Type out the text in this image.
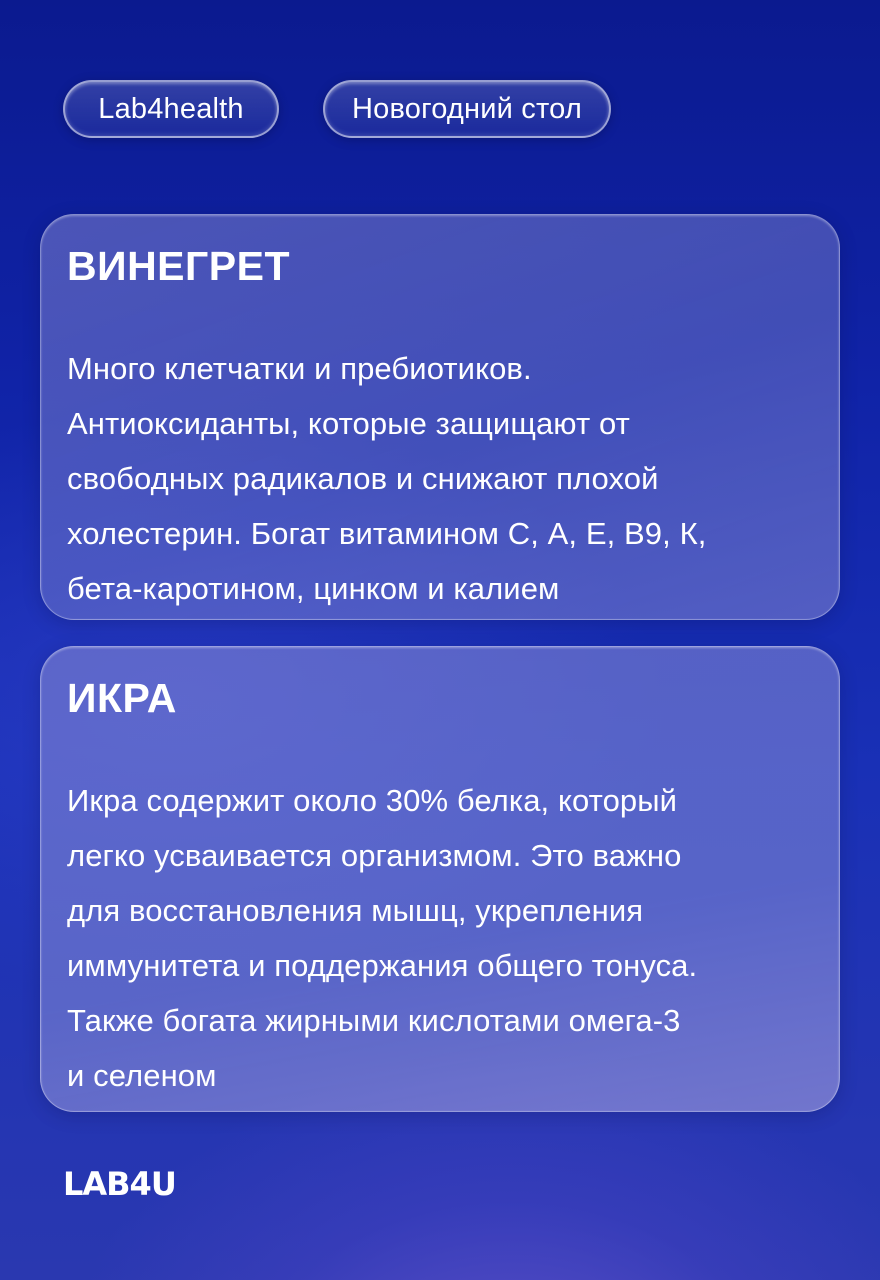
Lab4health	Новогодний стол
ВИНЕГРЕТ

Много клетчатки и пребиотиков.
Антиоксиданты, которые защищают от
свободных радикалов и снижают плохой
холестерин. Богат витамином С, А, Е, В9, К,
бета-каротином, цинком и калием

ИКРА

Икра содержит около 30% белка, который
легко усваивается организмом. Это важно
для восстановления мышц, укрепления
иммунитета и поддержания общего тонуса.
Также богата жирными кислотами омега-3
и селеном

LAB4U
